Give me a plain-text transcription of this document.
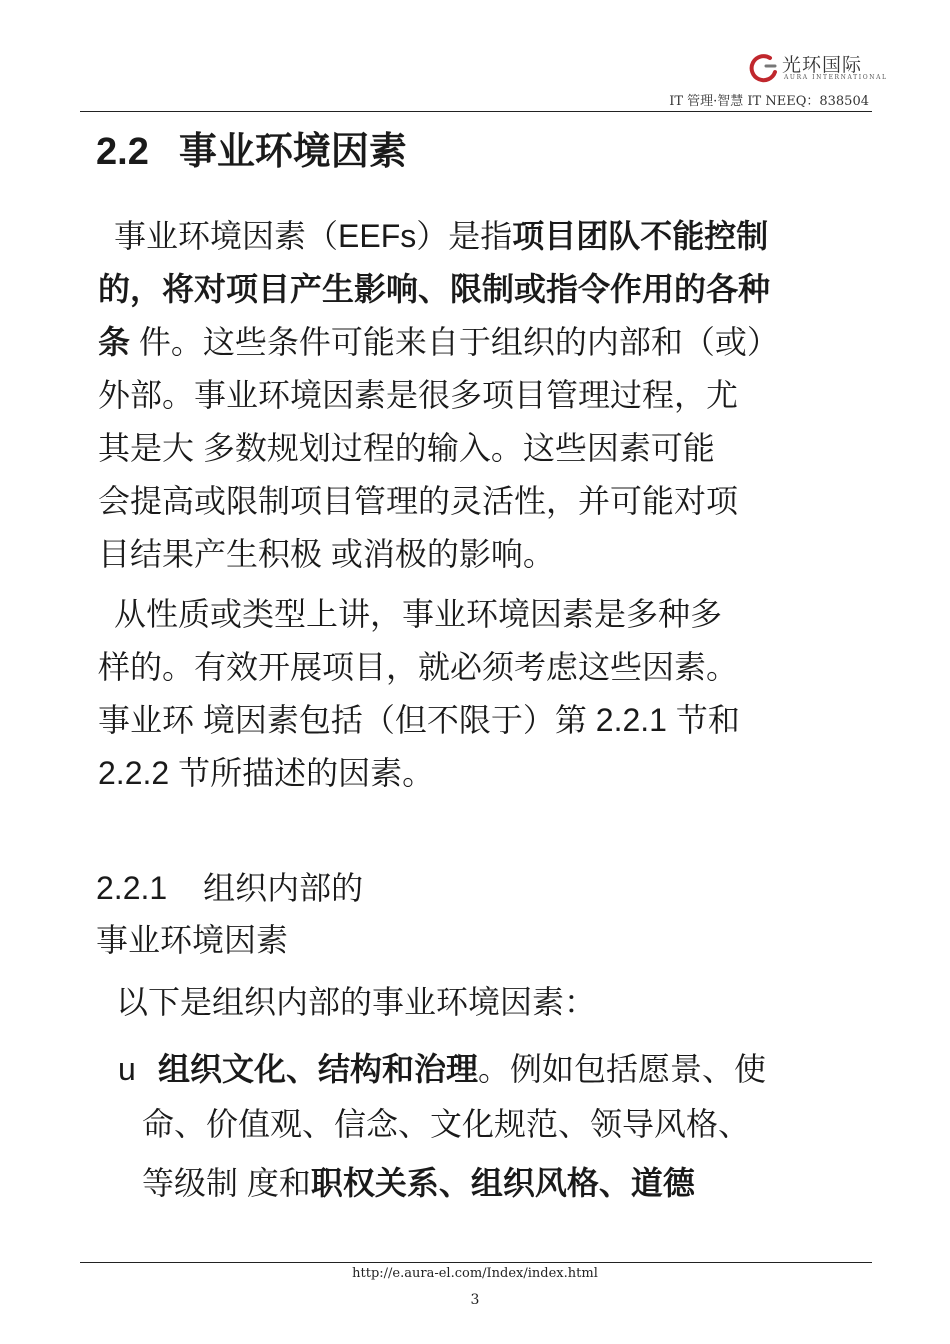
光环国际
AURA INTERNATIONAL
IT 管理·智慧 IT NEEQ：838504
2.2 事业环境因素
事业环境因素（EEFs）是指项目团队不能控制
的，将对项目产生影响、限制或指令作用的各种
条 件。这些条件可能来自于组织的内部和（或）
外部。事业环境因素是很多项目管理过程，尤
其是大 多数规划过程的输入。这些因素可能
会提高或限制项目管理的灵活性，并可能对项
目结果产生积极 或消极的影响。
从性质或类型上讲，事业环境因素是多种多
样的。有效开展项目，就必须考虑这些因素。
事业环 境因素包括（但不限于）第 2.2.1 节和
2.2.2 节所描述的因素。
2.2.1 组织内部的
事业环境因素
以下是组织内部的事业环境因素：
u 组织文化、结构和治理。例如包括愿景、使
命、价值观、信念、文化规范、领导风格、
等级制 度和职权关系、组织风格、道德
http://e.aura-el.com/Index/index.html
3
